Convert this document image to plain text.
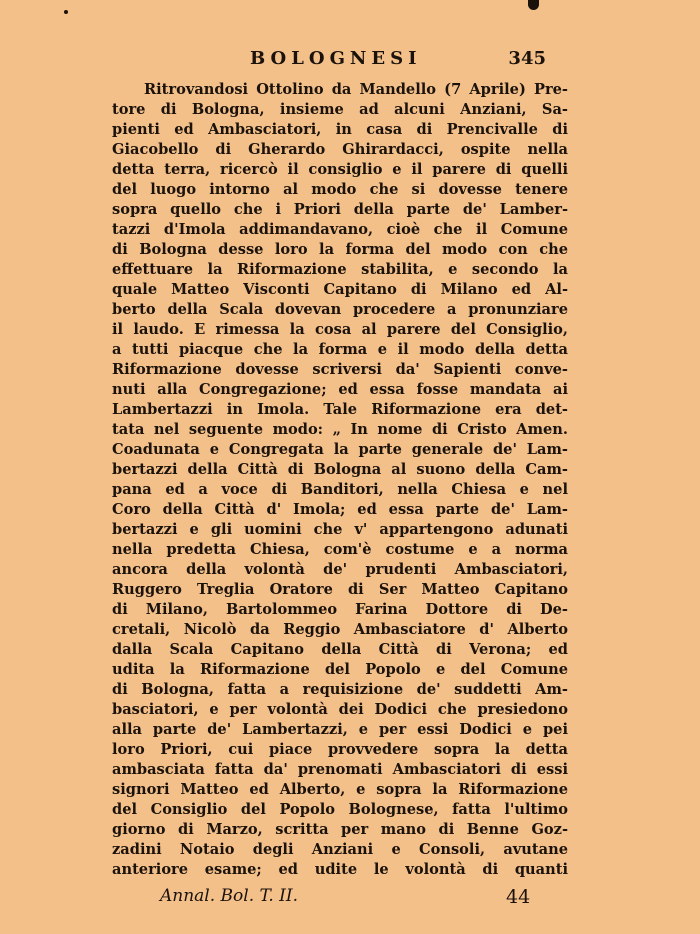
BOLOGNESI	345
Ritrovandosi Ottolino da Mandello (7 Aprile) Pre-
tore di Bologna, insieme ad alcuni Anziani, Sa-
pienti ed Ambasciatori, in casa di Prencivalle di
Giacobello di Gherardo Ghirardacci, ospite nella
detta terra, ricercò il consiglio e il parere di quelli
del luogo intorno al modo che si dovesse tenere
sopra quello che i Priori della parte de' Lamber-
tazzi d'Imola addimandavano, cioè che il Comune
di Bologna desse loro la forma del modo con che
effettuare la Riformazione stabilita, e secondo la
quale Matteo Visconti Capitano di Milano ed Al-
berto della Scala dovevan procedere a pronunziare
il laudo. E rimessa la cosa al parere del Consiglio,
a tutti piacque che la forma e il modo della detta
Riformazione dovesse scriversi da' Sapienti conve-
nuti alla Congregazione; ed essa fosse mandata ai
Lambertazzi in Imola. Tale Riformazione era det-
tata nel seguente modo: „ In nome di Cristo Amen.
Coadunata e Congregata la parte generale de' Lam-
bertazzi della Città di Bologna al suono della Cam-
pana ed a voce di Banditori, nella Chiesa e nel
Coro della Città d' Imola; ed essa parte de' Lam-
bertazzi e gli uomini che v' appartengono adunati
nella predetta Chiesa, com'è costume e a norma
ancora della volontà de' prudenti Ambasciatori,
Ruggero Treglia Oratore di Ser Matteo Capitano
di Milano, Bartolommeo Farina Dottore di De-
cretali, Nicolò da Reggio Ambasciatore d' Alberto
dalla Scala Capitano della Città di Verona; ed
udita la Riformazione del Popolo e del Comune
di Bologna, fatta a requisizione de' suddetti Am-
basciatori, e per volontà dei Dodici che presiedono
alla parte de' Lambertazzi, e per essi Dodici e pei
loro Priori, cui piace provvedere sopra la detta
ambasciata fatta da' prenomati Ambasciatori di essi
signori Matteo ed Alberto, e sopra la Riformazione
del Consiglio del Popolo Bolognese, fatta l'ultimo
giorno di Marzo, scritta per mano di Benne Goz-
zadini Notaio degli Anziani e Consoli, avutane
anteriore esame; ed udite le volontà di quanti
Annal. Bol. T. II.	44
